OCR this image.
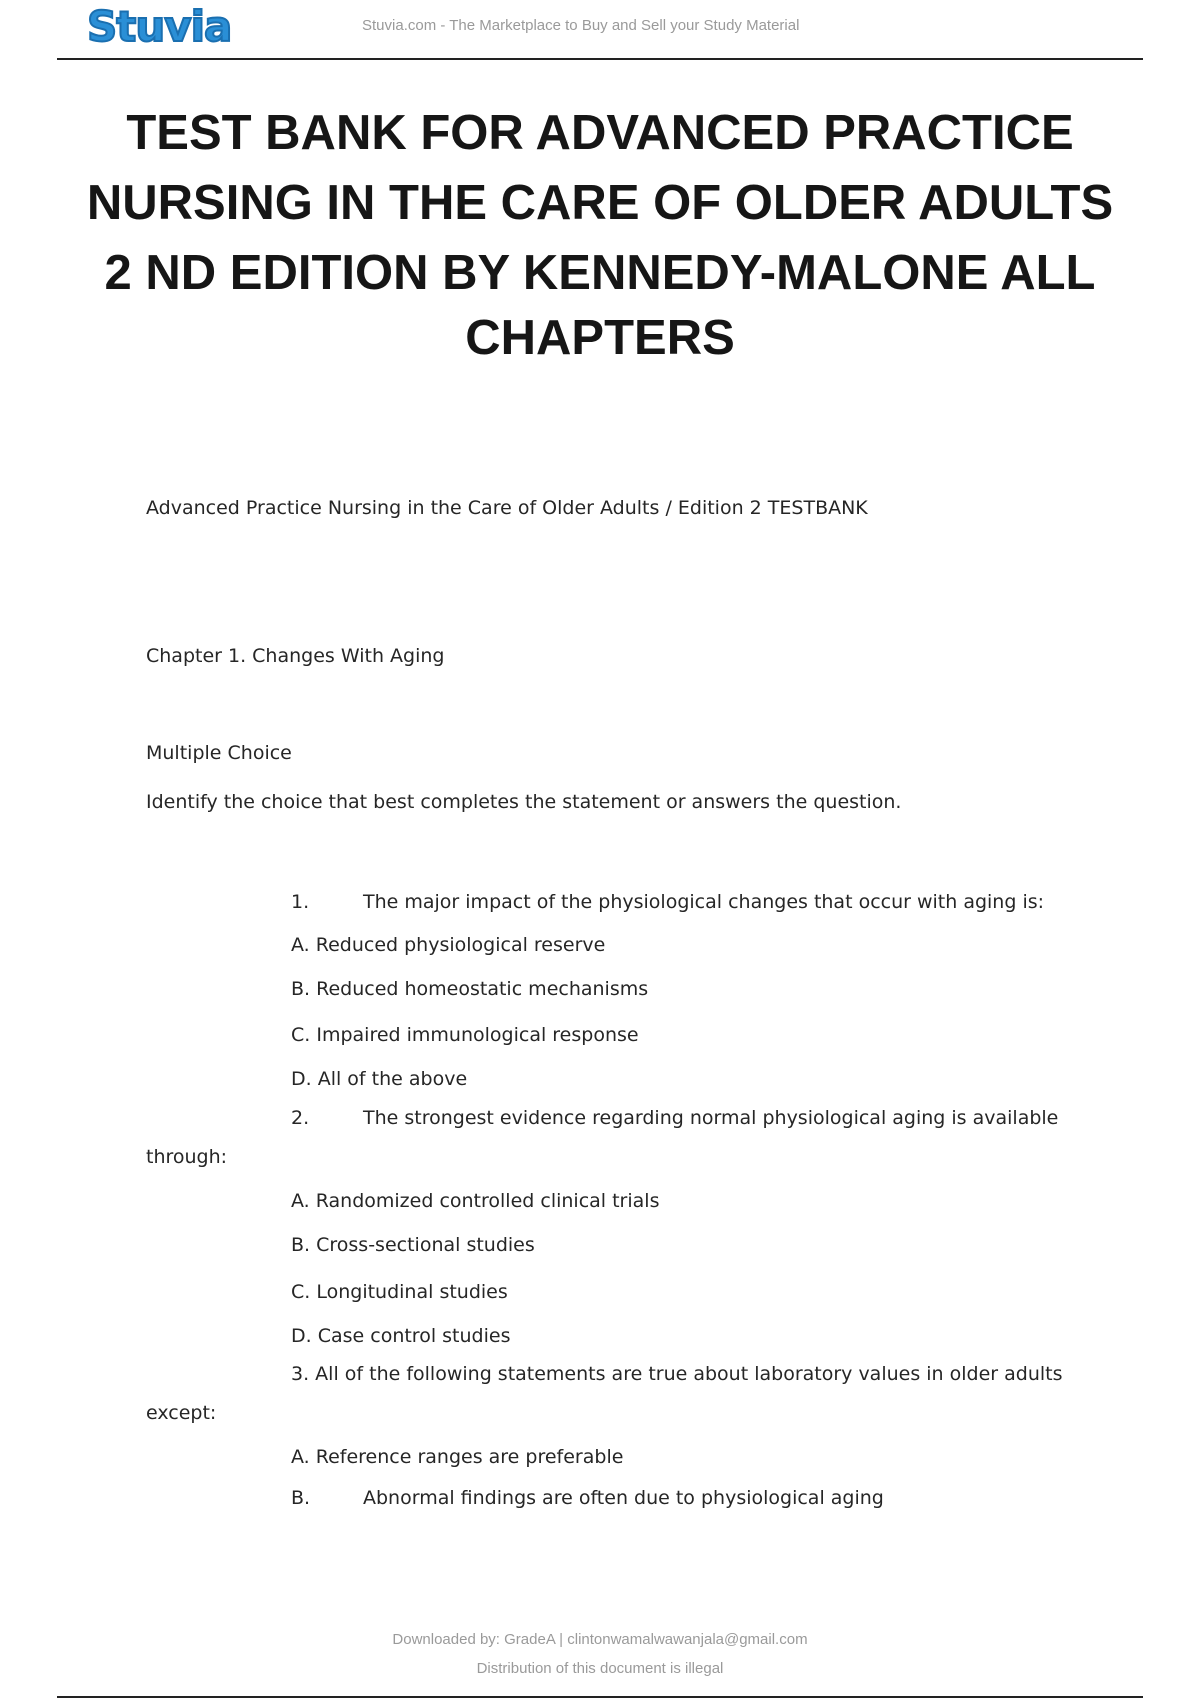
Stuvia	Stuvia.com - The Marketplace to Buy and Sell your Study Material
TEST BANK FOR ADVANCED PRACTICE
NURSING IN THE CARE OF OLDER ADULTS
2 ND EDITION BY KENNEDY-MALONE ALL
CHAPTERS
Advanced Practice Nursing in the Care of Older Adults / Edition 2 TESTBANK
Chapter 1. Changes With Aging
Multiple Choice
Identify the choice that best completes the statement or answers the question.
1.	The major impact of the physiological changes that occur with aging is:
A. Reduced physiological reserve
B. Reduced homeostatic mechanisms
C. Impaired immunological response
D. All of the above
2.	The strongest evidence regarding normal physiological aging is available
through:
A. Randomized controlled clinical trials
B. Cross-sectional studies
C. Longitudinal studies
D. Case control studies
3. All of the following statements are true about laboratory values in older adults
except:
A. Reference ranges are preferable
B.	Abnormal findings are often due to physiological aging
Downloaded by: GradeA | clintonwamalwawanjala@gmail.com
Distribution of this document is illegal
